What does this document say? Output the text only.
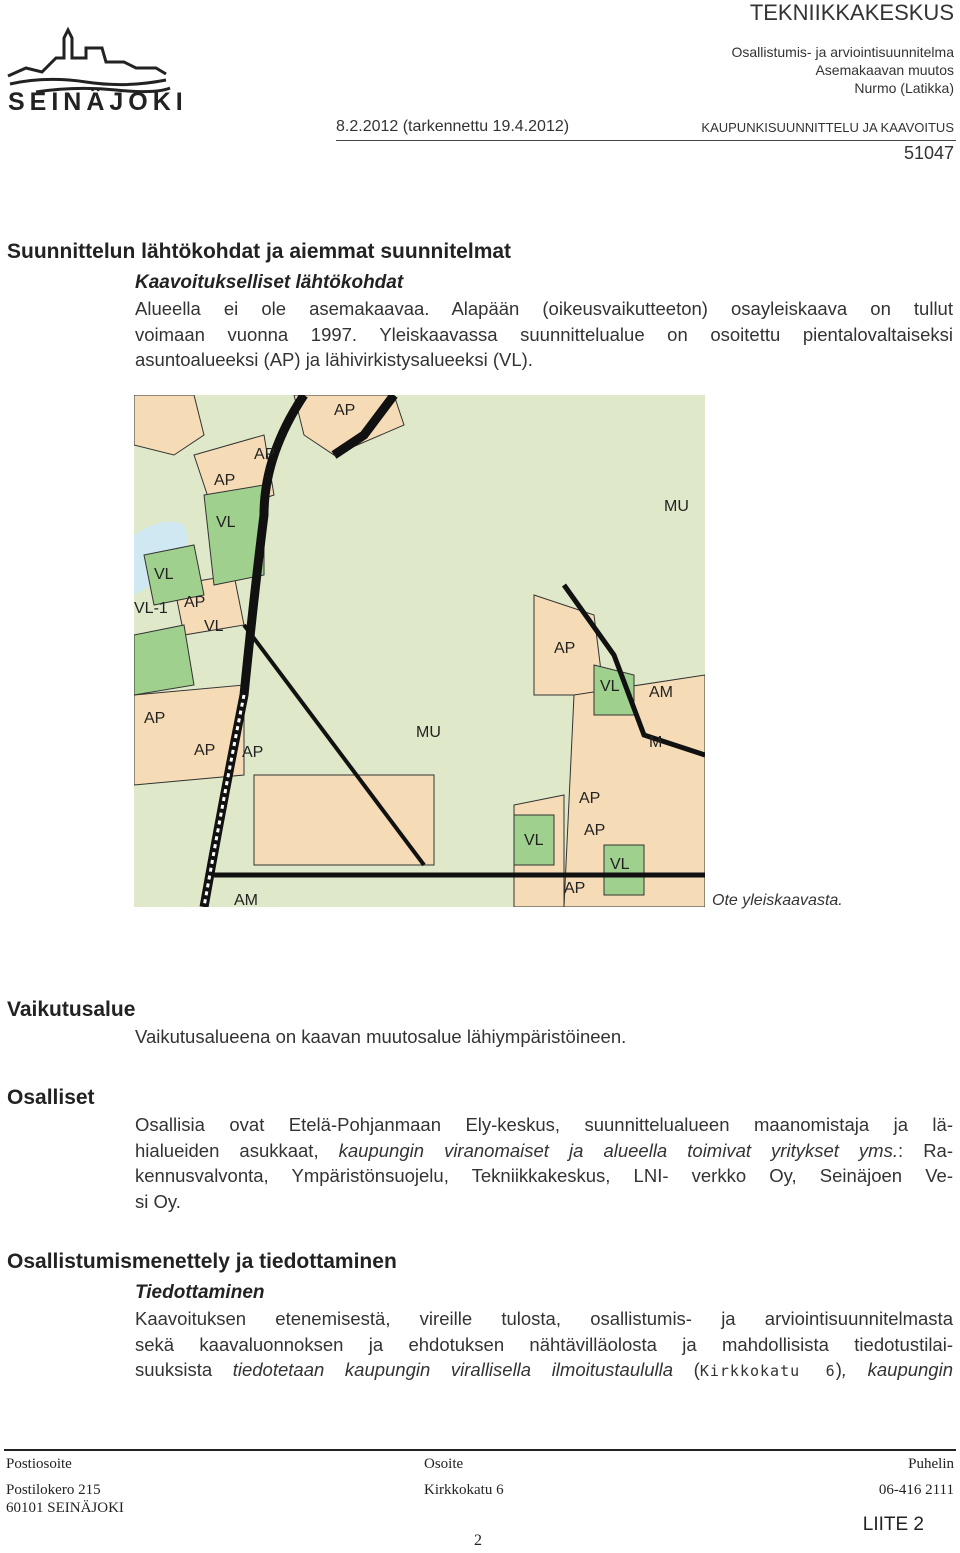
SEINÄJOKI
TEKNIIKKAKESKUS
Osallistumis- ja arviointisuunnitelma
Asemakaavan muutos
Nurmo (Latikka)
8.2.2012 (tarkennettu 19.4.2012)	KAUPUNKISUUNNITTELU JA KAAVOITUS
51047
Suunnittelun lähtökohdat ja aiemmat suunnitelmat
Kaavoitukselliset lähtökohdat
Alueella ei ole asemakaavaa. Alapään (oikeusvaikutteeton) osayleiskaava on tullut
voimaan vuonna 1997. Yleiskaavassa suunnittelualue on osoitettu pientalovaltaiseksi
asuntoalueeksi (AP) ja lähivirkistysalueeksi (VL).
AP
AP
AP
VL
VL
VL-1 AP
VL
AP
AP AP
MU
AP
VL AM
MU
M
AP
AP
VL
VL
AP
AM	Ote yleiskaavasta.
Vaikutusalue
Vaikutusalueena on kaavan muutosalue lähiympäristöineen.
Osalliset
Osallisia ovat Etelä-Pohjanmaan Ely-keskus, suunnittelualueen maanomistaja ja lä-
hialueiden asukkaat, kaupungin viranomaiset ja alueella toimivat yritykset yms.: Ra-
kennusvalvonta, Ympäristönsuojelu, Tekniikkakeskus, LNI- verkko Oy, Seinäjoen Ve-
si Oy.
Osallistumismenettely ja tiedottaminen
Tiedottaminen
Kaavoituksen etenemisestä, vireille tulosta, osallistumis- ja arviointisuunnitelmasta
sekä kaavaluonnoksen ja ehdotuksen nähtävilläolosta ja mahdollisista tiedotustilai-
suuksista tiedotetaan kaupungin virallisella ilmoitustaululla (Kirkkokatu 6), kaupungin
Postiosoite	Osoite	Puhelin
Postilokero 215
60101 SEINÄJOKI
Kirkkokatu 6	06-416 2111
2
LIITE 2
